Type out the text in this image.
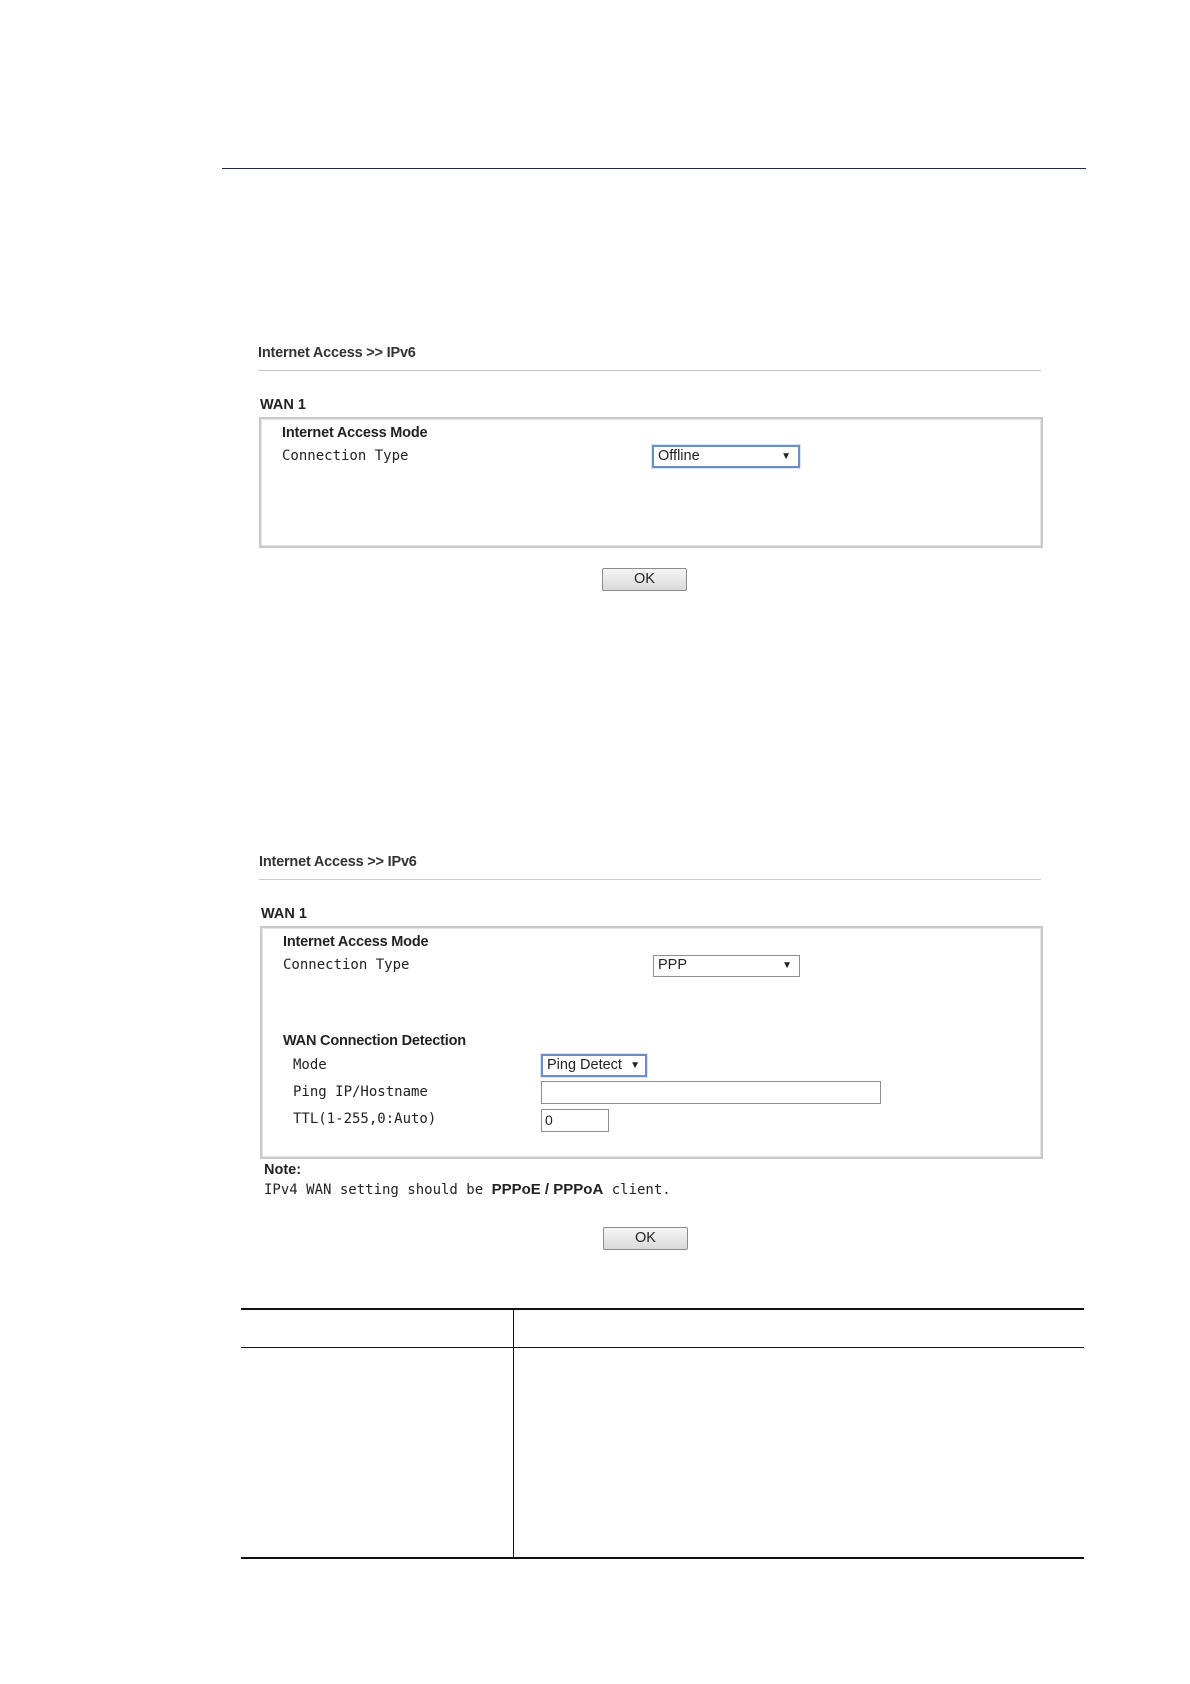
Internet Access >> IPv6
WAN 1
Internet Access Mode
Connection Type	Offline	▼
OK
Internet Access >> IPv6
WAN 1
Internet Access Mode
Connection Type	PPP	▼
WAN Connection Detection
Mode	Ping Detect ▼
Ping IP/Hostname
TTL(1-255,0:Auto)	0
Note:
IPv4 WAN setting should be PPPoE / PPPoA client.
OK
